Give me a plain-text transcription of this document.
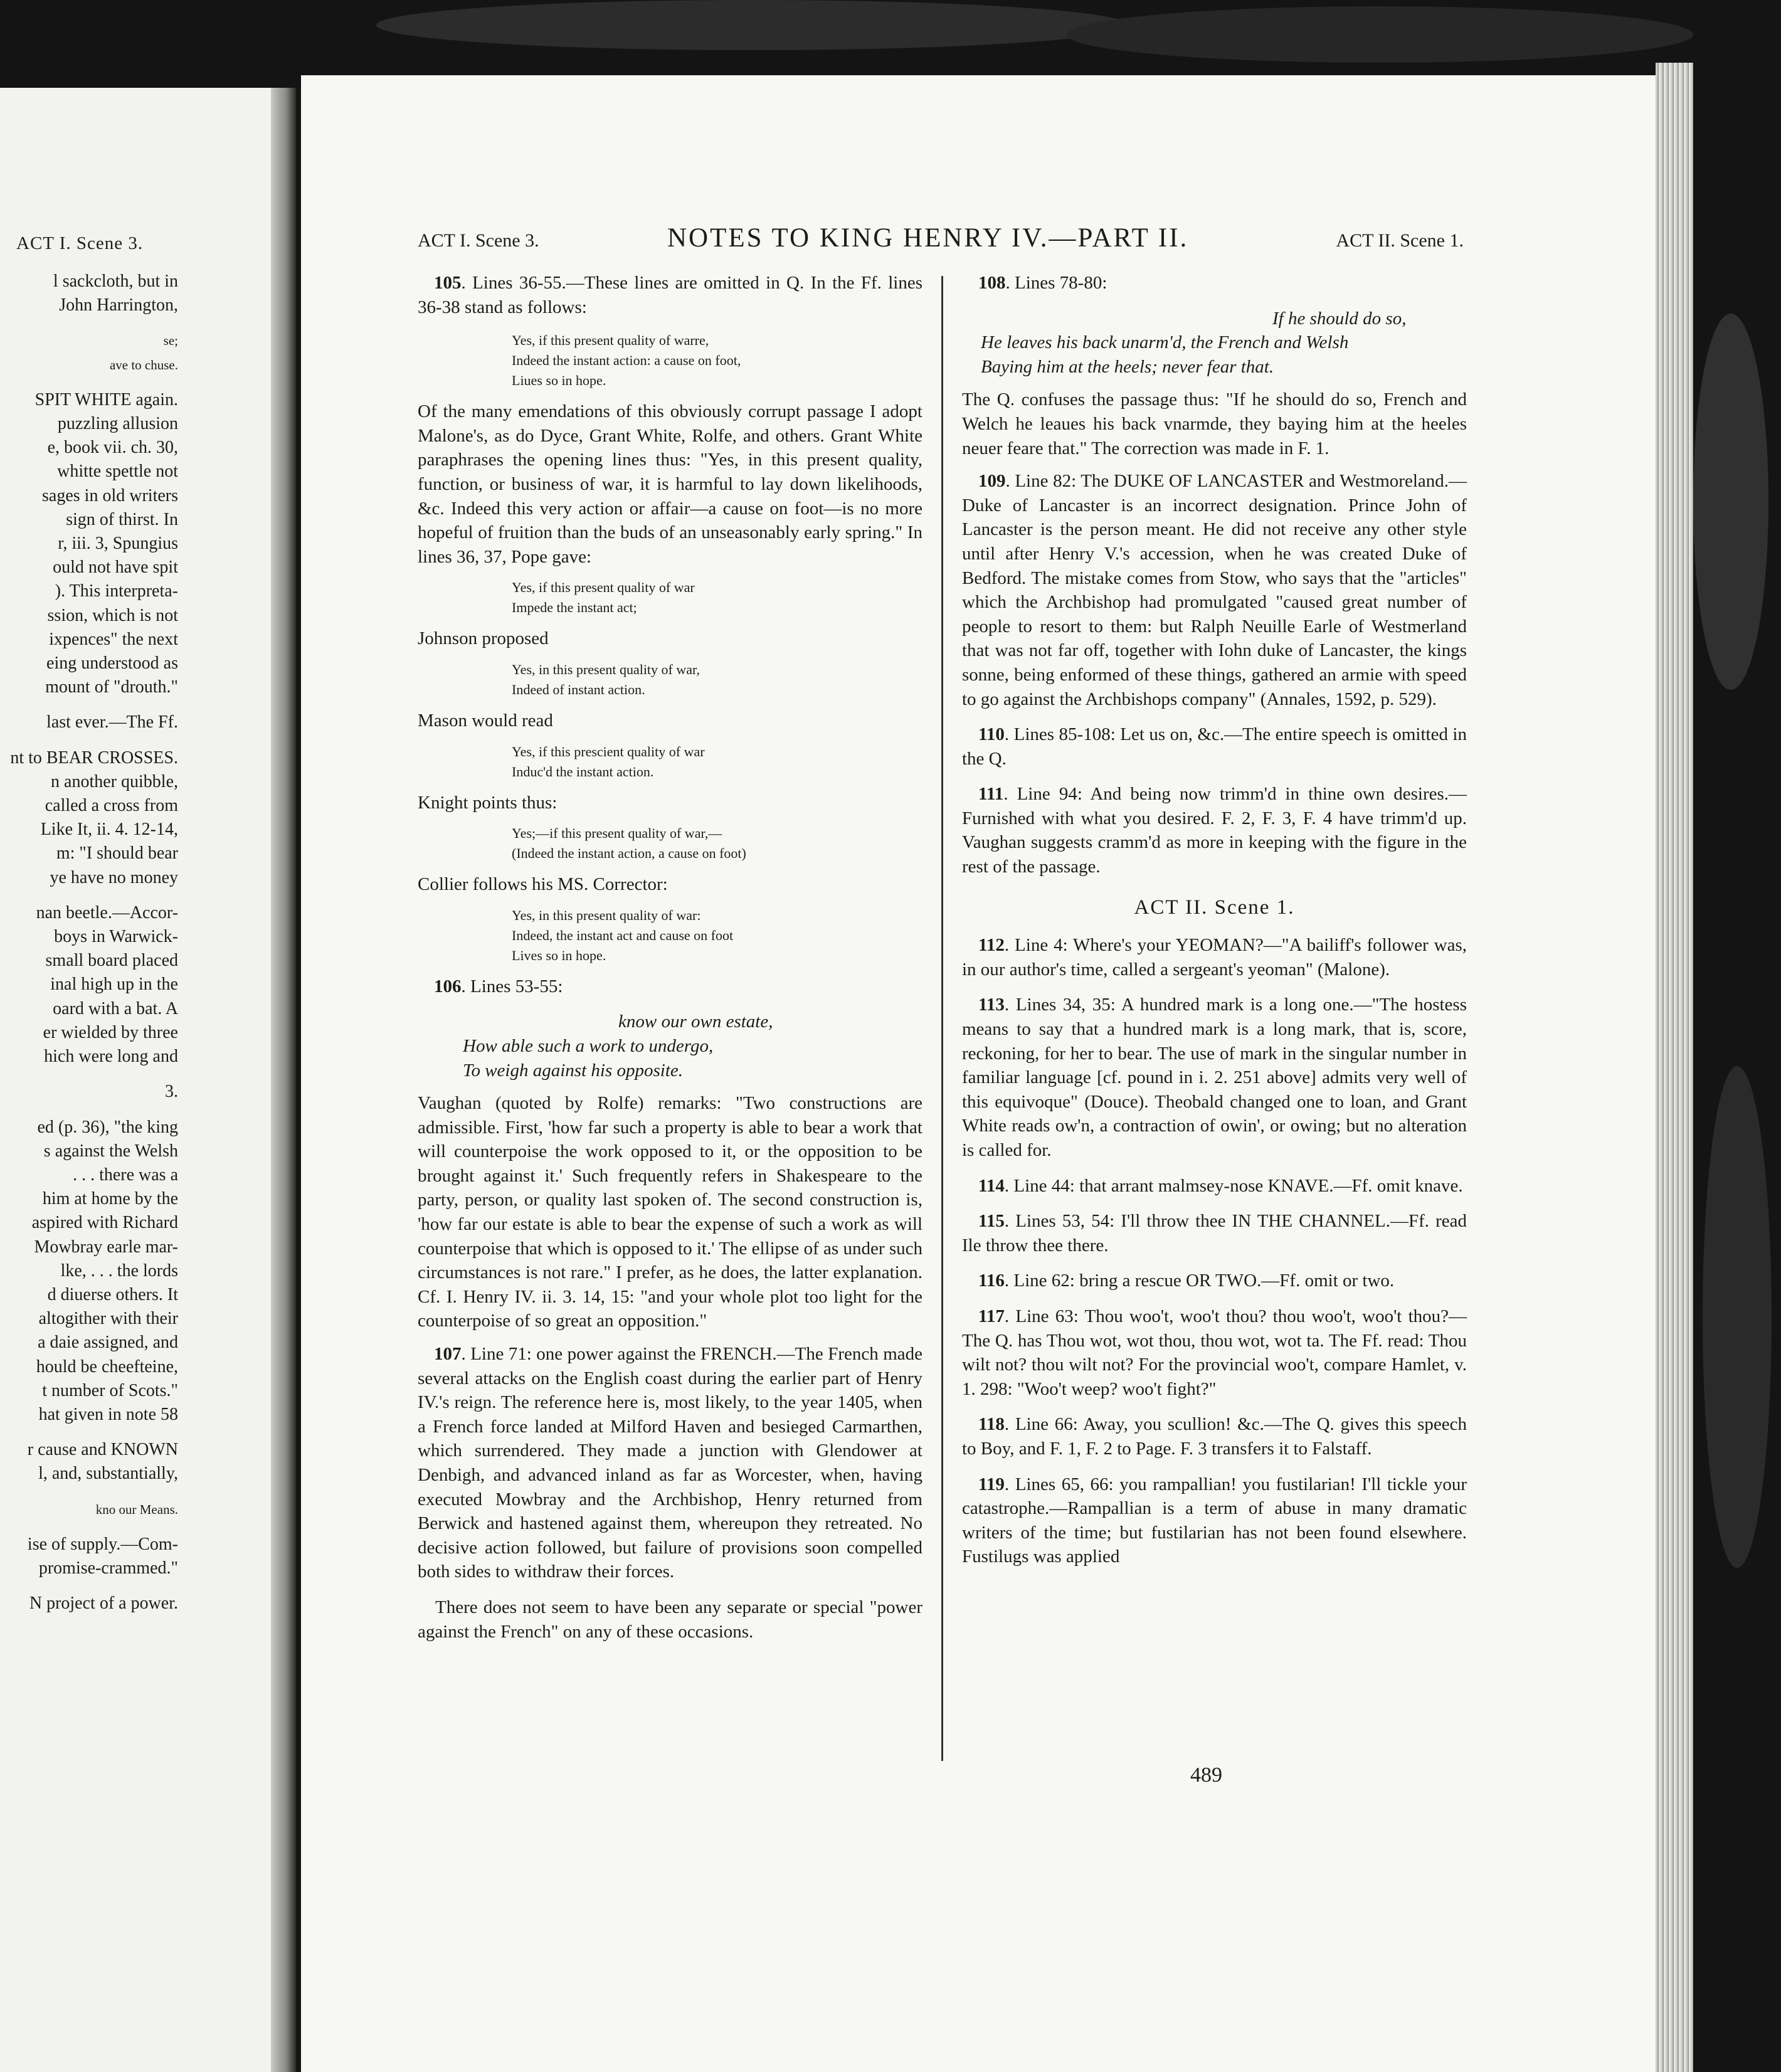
ACT I. Scene 3.
l sackcloth, but in
John Harrington,
se;
ave to chuse.
SPIT WHITE again.
puzzling allusion
e, book vii. ch. 30,
whitte spettle not
sages in old writers
sign of thirst. In
r, iii. 3, Spungius
ould not have spit
). This interpreta-
ssion, which is not
ixpences" the next
eing understood as
mount of "drouth."
last ever.—The Ff.
nt to BEAR CROSSES.
n another quibble,
called a cross from
Like It, ii. 4. 12-14,
m: "I should bear
ye have no money
nan beetle.—Accor-
boys in Warwick-
small board placed
inal high up in the
oard with a bat. A
er wielded by three
hich were long and
3.
ed (p. 36), "the king
s against the Welsh
. . . there was a
him at home by the
aspired with Richard
Mowbray earle mar-
lke, . . . the lords
d diuerse others. It
altogither with their
a daie assigned, and
hould be cheefteine,
t number of Scots."
hat given in note 58
r cause and KNOWN
l, and, substantially,
kno our Means.
ise of supply.—Com-
promise-crammed."
N project of a power.
ACT I. Scene 3.	NOTES TO KING HENRY IV.—PART II.	ACT II. Scene 1.

105. Lines 36-55.—These lines are omitted in Q. In the Ff. lines 36-38 stand as follows:

Yes, if this present quality of warre,
Indeed the instant action: a cause on foot,
Liues so in hope.

Of the many emendations of this obviously corrupt passage I adopt Malone's, as do Dyce, Grant White, Rolfe, and others. Grant White paraphrases the opening lines thus: "Yes, in this present quality, function, or business of war, it is harmful to lay down likelihoods, &c. Indeed this very action or affair—a cause on foot—is no more hopeful of fruition than the buds of an unseasonably early spring." In lines 36, 37, Pope gave:

Yes, if this present quality of war
Impede the instant act;

Johnson proposed

Yes, in this present quality of war,
Indeed of instant action.

Mason would read

Yes, if this prescient quality of war
Induc'd the instant action.

Knight points thus:

Yes;—if this present quality of war,—
(Indeed the instant action, a cause on foot)

Collier follows his MS. Corrector:

Yes, in this present quality of war:
Indeed, the instant act and cause on foot
Lives so in hope.

106. Lines 53-55:

know our own estate,
How able such a work to undergo,
To weigh against his opposite.

Vaughan (quoted by Rolfe) remarks: "Two constructions are admissible. First, 'how far such a property is able to bear a work that will counterpoise the work opposed to it, or the opposition to be brought against it.' Such frequently refers in Shakespeare to the party, person, or quality last spoken of. The second construction is, 'how far our estate is able to bear the expense of such a work as will counterpoise that which is opposed to it.' The ellipse of as under such circumstances is not rare." I prefer, as he does, the latter explanation. Cf. I. Henry IV. ii. 3. 14, 15: "and your whole plot too light for the counterpoise of so great an opposition."

107. Line 71: one power against the FRENCH.—The French made several attacks on the English coast during the earlier part of Henry IV.'s reign. The reference here is, most likely, to the year 1405, when a French force landed at Milford Haven and besieged Carmarthen, which surrendered. They made a junction with Glendower at Denbigh, and advanced inland as far as Worcester, when, having executed Mowbray and the Archbishop, Henry returned from Berwick and hastened against them, whereupon they retreated. No decisive action followed, but failure of provisions soon compelled both sides to withdraw their forces.

There does not seem to have been any separate or special "power against the French" on any of these occasions.

108. Lines 78-80:

If he should do so,
He leaves his back unarm'd, the French and Welsh
Baying him at the heels; never fear that.

The Q. confuses the passage thus: "If he should do so, French and Welch he leaues his back vnarmde, they baying him at the heeles neuer feare that." The correction was made in F. 1.

109. Line 82: The DUKE OF LANCASTER and Westmoreland.—Duke of Lancaster is an incorrect designation. Prince John of Lancaster is the person meant. He did not receive any other style until after Henry V.'s accession, when he was created Duke of Bedford. The mistake comes from Stow, who says that the "articles" which the Archbishop had promulgated "caused great number of people to resort to them: but Ralph Neuille Earle of Westmerland that was not far off, together with Iohn duke of Lancaster, the kings sonne, being enformed of these things, gathered an armie with speed to go against the Archbishops company" (Annales, 1592, p. 529).

110. Lines 85-108: Let us on, &c.—The entire speech is omitted in the Q.

111. Line 94: And being now trimm'd in thine own desires.—Furnished with what you desired. F. 2, F. 3, F. 4 have trimm'd up. Vaughan suggests cramm'd as more in keeping with the figure in the rest of the passage.

ACT II. Scene 1.

112. Line 4: Where's your YEOMAN?—"A bailiff's follower was, in our author's time, called a sergeant's yeoman" (Malone).

113. Lines 34, 35: A hundred mark is a long one.—"The hostess means to say that a hundred mark is a long mark, that is, score, reckoning, for her to bear. The use of mark in the singular number in familiar language [cf. pound in i. 2. 251 above] admits very well of this equivoque" (Douce). Theobald changed one to loan, and Grant White reads ow'n, a contraction of owin', or owing; but no alteration is called for.

114. Line 44: that arrant malmsey-nose KNAVE.—Ff. omit knave.

115. Lines 53, 54: I'll throw thee IN THE CHANNEL.—Ff. read Ile throw thee there.

116. Line 62: bring a rescue OR TWO.—Ff. omit or two.

117. Line 63: Thou woo't, woo't thou? thou woo't, woo't thou?—The Q. has Thou wot, wot thou, thou wot, wot ta. The Ff. read: Thou wilt not? thou wilt not? For the provincial woo't, compare Hamlet, v. 1. 298: "Woo't weep? woo't fight?"

118. Line 66: Away, you scullion! &c.—The Q. gives this speech to Boy, and F. 1, F. 2 to Page. F. 3 transfers it to Falstaff.

119. Lines 65, 66: you rampallian! you fustilarian! I'll tickle your catastrophe.—Rampallian is a term of abuse in many dramatic writers of the time; but fustilarian has not been found elsewhere. Fustilugs was applied

489
